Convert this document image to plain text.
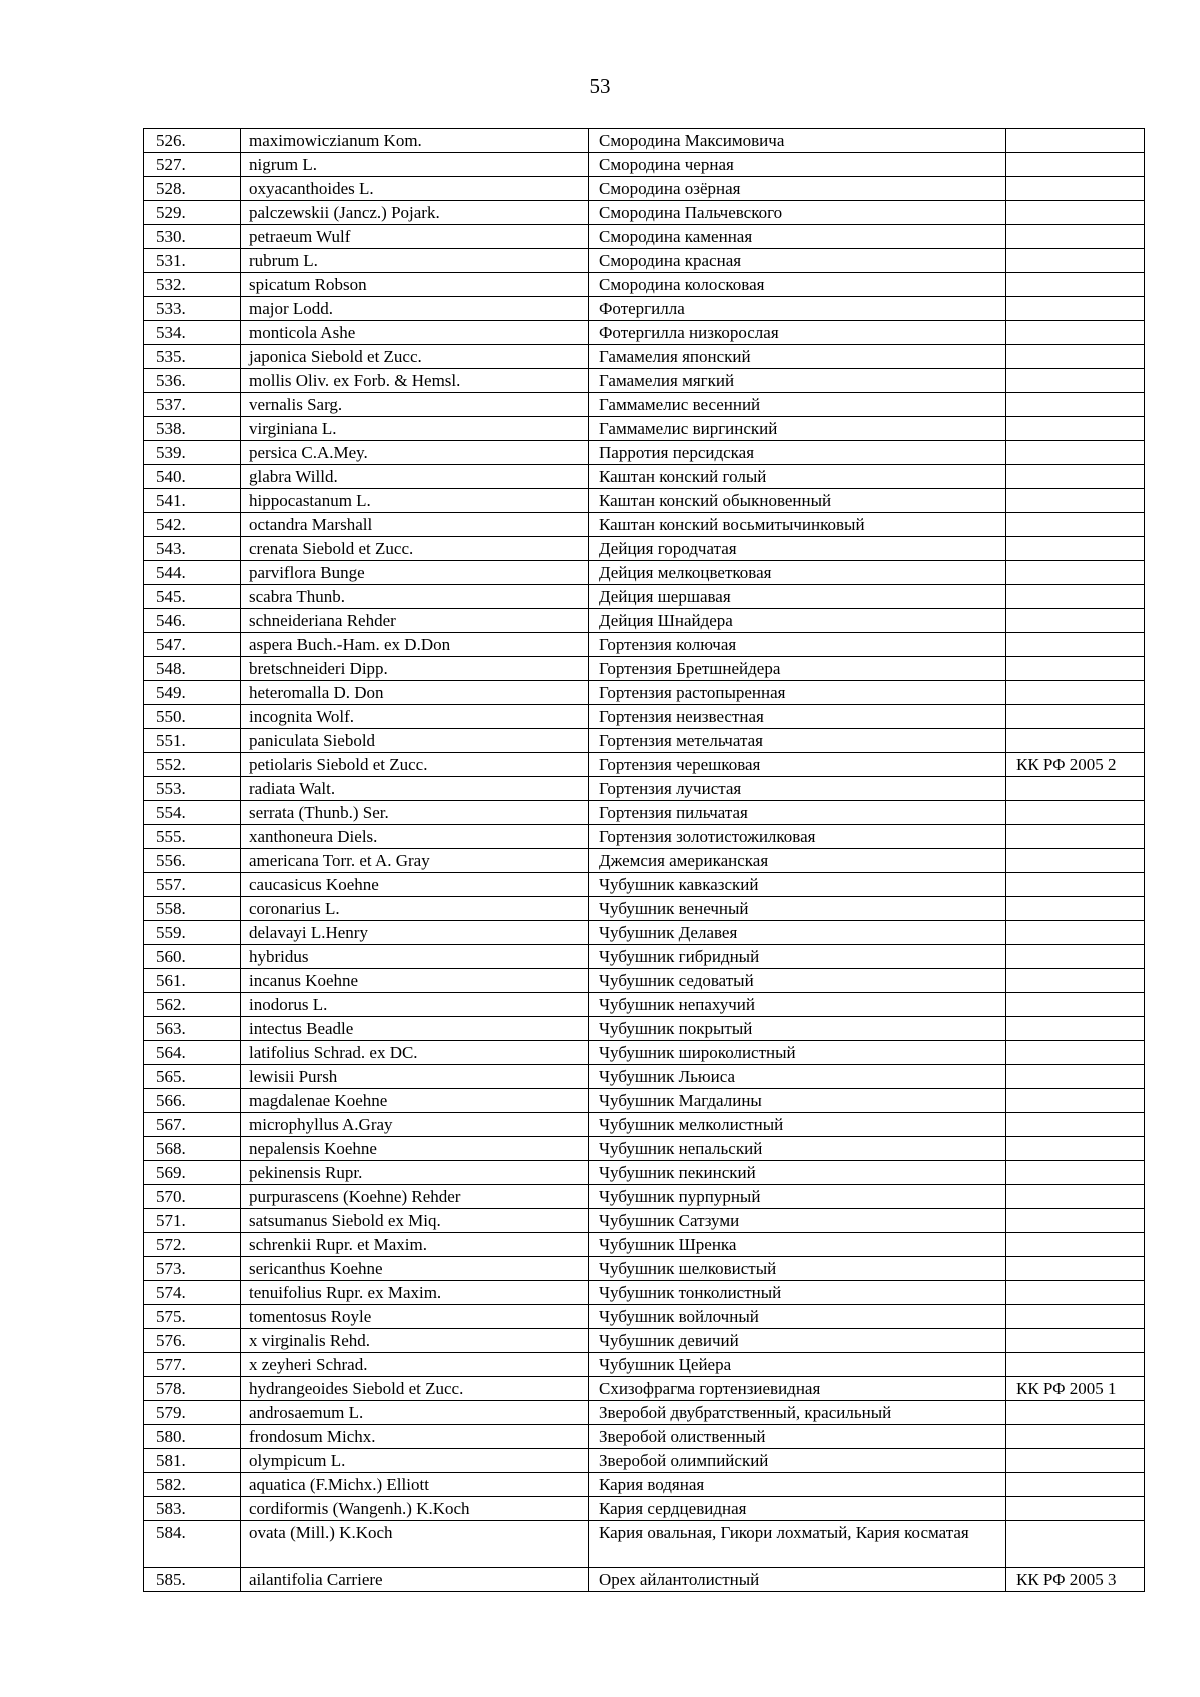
53
526.	maximowiczianum Kom.	Смородина Максимовича	
527.	nigrum L.	Смородина черная	
528.	oxyacanthoides L.	Смородина озёрная	
529.	palczewskii (Jancz.) Pojark.	Смородина Пальчевского	
530.	petraeum Wulf	Смородина каменная	
531.	rubrum L.	Смородина красная	
532.	spicatum Robson	Смородина колосковая	
533.	major Lodd.	Фотергилла	
534.	monticola Ashe	Фотергилла низкорослая	
535.	japonica Siebold et Zucc.	Гамамелия японский	
536.	mollis Oliv. ex Forb. & Hemsl.	Гамамелия мягкий	
537.	vernalis Sarg.	Гаммамелис весенний	
538.	virginiana L.	Гаммамелис виргинский	
539.	persica C.A.Mey.	Парротия персидская	
540.	glabra Willd.	Каштан конский голый	
541.	hippocastanum L.	Каштан конский обыкновенный	
542.	octandra Marshall	Каштан конский восьмитычинковый	
543.	crenata Siebold et Zucc.	Дейция городчатая	
544.	parviflora Bunge	Дейция мелкоцветковая	
545.	scabra Thunb.	Дейция шершавая	
546.	schneideriana Rehder	Дейция Шнайдера	
547.	aspera Buch.-Ham. ex D.Don	Гортензия колючая	
548.	bretschneideri Dipp.	Гортензия Бретшнейдера	
549.	heteromalla D. Don	Гортензия растопыренная	
550.	incognita Wolf.	Гортензия неизвестная	
551.	paniculata Siebold	Гортензия метельчатая	
552.	petiolaris Siebold et Zucc.	Гортензия черешковая	КК РФ 2005 2
553.	radiata Walt.	Гортензия лучистая	
554.	serrata (Thunb.) Ser.	Гортензия пильчатая	
555.	xanthoneura Diels.	Гортензия золотистожилковая	
556.	americana Torr. et A. Gray	Джемсия американская	
557.	caucasicus Koehne	Чубушник кавказский	
558.	coronarius L.	Чубушник венечный	
559.	delavayi L.Henry	Чубушник Делавея	
560.	hybridus	Чубушник гибридный	
561.	incanus Koehne	Чубушник седоватый	
562.	inodorus L.	Чубушник непахучий	
563.	intectus Beadle	Чубушник покрытый	
564.	latifolius Schrad. ex DC.	Чубушник широколистный	
565.	lewisii Pursh	Чубушник Льюиса	
566.	magdalenae Koehne	Чубушник Магдалины	
567.	microphyllus A.Gray	Чубушник мелколистный	
568.	nepalensis Koehne	Чубушник непальский	
569.	pekinensis Rupr.	Чубушник пекинский	
570.	purpurascens (Koehne) Rehder	Чубушник пурпурный	
571.	satsumanus Siebold ex Miq.	Чубушник Сатзуми	
572.	schrenkii Rupr. et Maxim.	Чубушник Шренка	
573.	sericanthus Koehne	Чубушник шелковистый	
574.	tenuifolius Rupr. ex Maxim.	Чубушник тонколистный	
575.	tomentosus Royle	Чубушник войлочный	
576.	x virginalis Rehd.	Чубушник девичий	
577.	x zeyheri Schrad.	Чубушник Цейера	
578.	hydrangeoides Siebold et Zucc.	Схизофрагма гортензиевидная	КК РФ 2005 1
579.	androsaemum L.	Зверобой двубратственный, красильный	
580.	frondosum Michx.	Зверобой олиственный	
581.	olympicum L.	Зверобой олимпийский	
582.	aquatica (F.Michx.) Elliott	Кария водяная	
583.	cordiformis (Wangenh.) K.Koch	Кария сердцевидная	
584.	ovata (Mill.) K.Koch	Кария овальная, Гикори лохматый, Кария косматая	
585.	ailantifolia Carriere	Орех айлантолистный	КК РФ 2005 3
